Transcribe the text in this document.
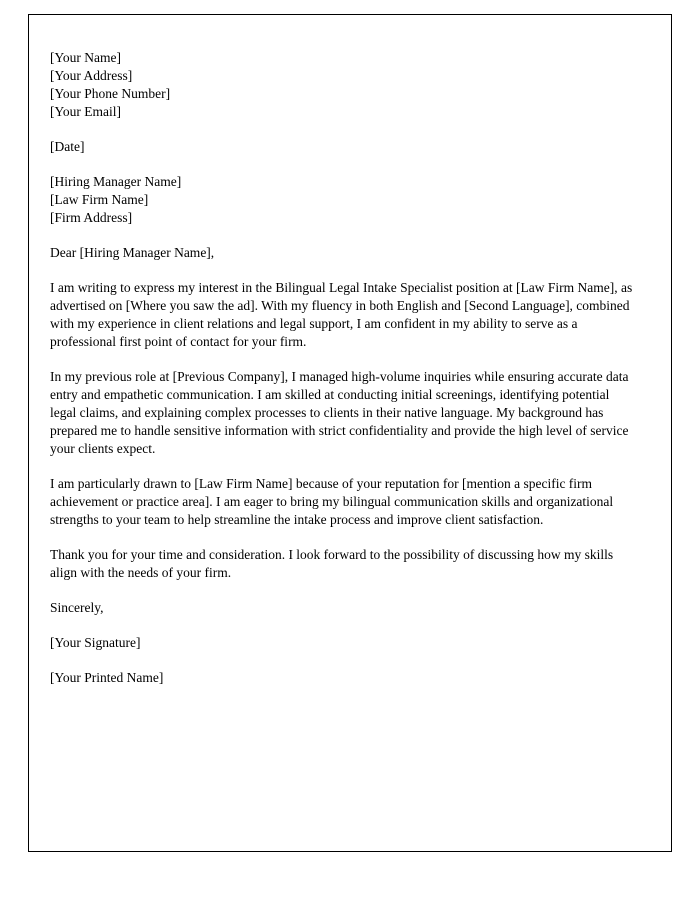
[Your Name]
[Your Address]
[Your Phone Number]
[Your Email]
[Date]
[Hiring Manager Name]
[Law Firm Name]
[Firm Address]
Dear [Hiring Manager Name],

I am writing to express my interest in the Bilingual Legal Intake Specialist position at [Law Firm Name], as advertised on [Where you saw the ad]. With my fluency in both English and [Second Language], combined with my experience in client relations and legal support, I am confident in my ability to serve as a professional first point of contact for your firm.

In my previous role at [Previous Company], I managed high-volume inquiries while ensuring accurate data entry and empathetic communication. I am skilled at conducting initial screenings, identifying potential legal claims, and explaining complex processes to clients in their native language. My background has prepared me to handle sensitive information with strict confidentiality and provide the high level of service your clients expect.

I am particularly drawn to [Law Firm Name] because of your reputation for [mention a specific firm achievement or practice area]. I am eager to bring my bilingual communication skills and organizational strengths to your team to help streamline the intake process and improve client satisfaction.

Thank you for your time and consideration. I look forward to the possibility of discussing how my skills align with the needs of your firm.

Sincerely,
[Your Signature]
[Your Printed Name]
